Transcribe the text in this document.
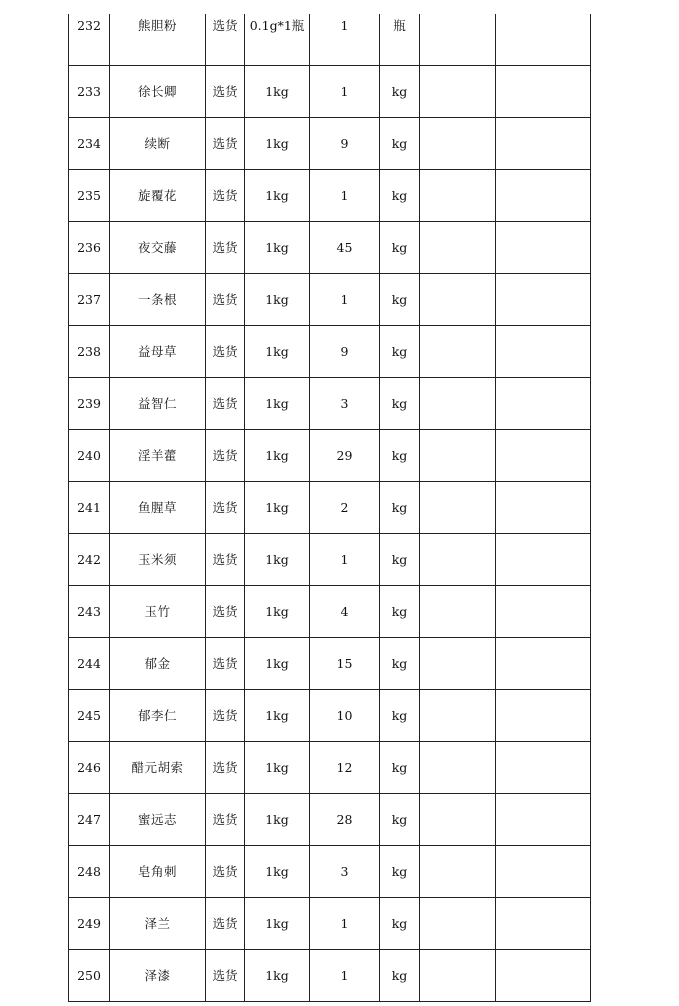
232	熊胆粉	选货	0.1g*1瓶	1	瓶		
233	徐长卿	选货	1kg	1	kg		
234	续断	选货	1kg	9	kg		
235	旋覆花	选货	1kg	1	kg		
236	夜交藤	选货	1kg	45	kg		
237	一条根	选货	1kg	1	kg		
238	益母草	选货	1kg	9	kg		
239	益智仁	选货	1kg	3	kg		
240	淫羊藿	选货	1kg	29	kg		
241	鱼腥草	选货	1kg	2	kg		
242	玉米须	选货	1kg	1	kg		
243	玉竹	选货	1kg	4	kg		
244	郁金	选货	1kg	15	kg		
245	郁李仁	选货	1kg	10	kg		
246	醋元胡索	选货	1kg	12	kg		
247	蜜远志	选货	1kg	28	kg		
248	皂角刺	选货	1kg	3	kg		
249	泽兰	选货	1kg	1	kg		
250	泽漆	选货	1kg	1	kg		
